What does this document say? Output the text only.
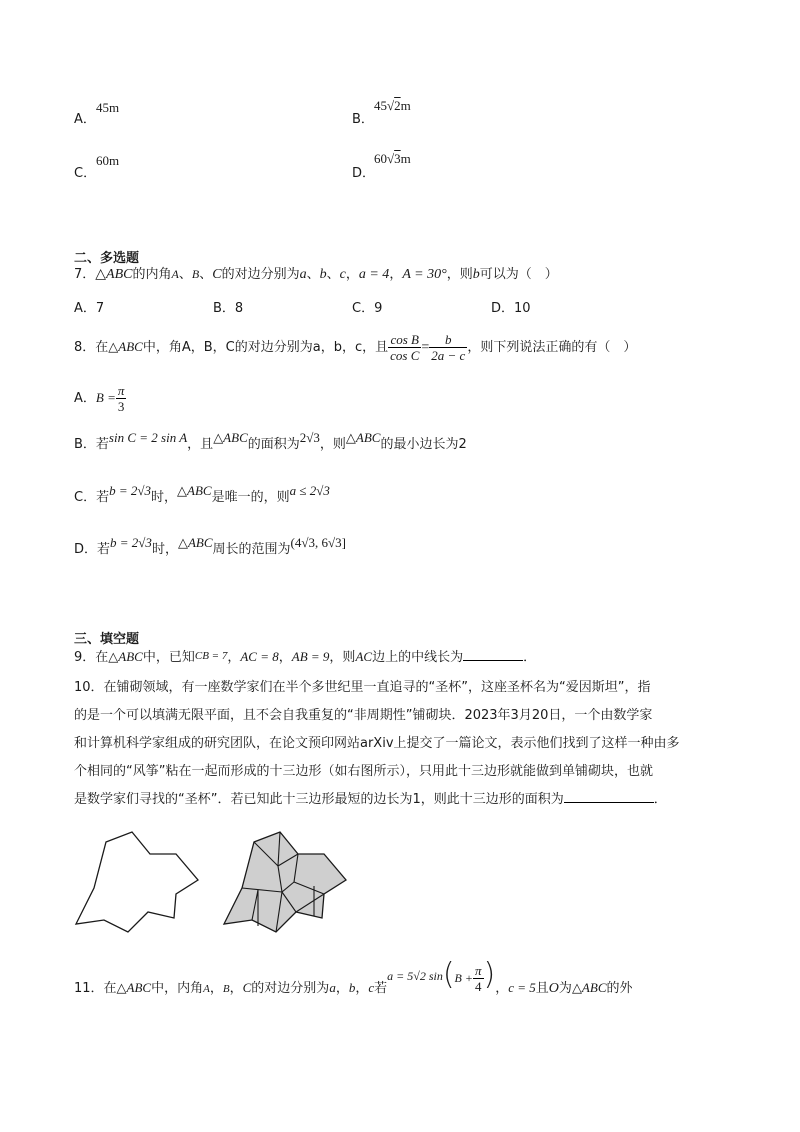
A．
45m
B．
45√2m
C．
60m
D．
60√3m
二、多选题
7．△ABC的内角A、B、C的对边分别为a、b、c，a = 4，A = 30°，则b可以为（　）
A．7	B．8	C．9	D．10
8．在△ABC中，角A，B，C的对边分别为a，b，c，且 $\frac{\text{cos B}}{\text{cos C}} = \frac{b}{2a - c}$ ，则下列说法正确的有（　）
A．$B = \frac{\pi}{3}$
B．若sin C = 2 sin A，且△ABC的面积为2√3，则△ABC的最小边长为2
C．若b = 2√3时，△ABC是唯一的，则a ≤ 2√3
D．若b = 2√3时，△ABC周长的范围为(4√3, 6√3]
三、填空题
9．在△ABC中，已知CB = 7，AC = 8，AB = 9，则AC边上的中线长为	．
10．在铺砌领域，有一座数学家们在半个多世纪里一直追寻的“圣杯”，这座圣杯名为“爱因斯坦”，指
的是一个可以填满无限平面，且不会自我重复的“非周期性”铺砌块．2023年3月20日，一个由数学家
和计算机科学家组成的研究团队，在论文预印网站arXiv上提交了一篇论文，表示他们找到了这样一种由多
个相同的“风筝”粘在一起而形成的十三边形（如右图所示），只用此十三边形就能做到单铺砌块，也就
是数学家们寻找的“圣杯”．若已知此十三边形最短的边长为1，则此十三边形的面积为	．
11．在△ABC中，内角A，B，C的对边分别为a，b，c若a = 5√2 $\sin(B + \frac{\pi}{4}$ )，c = 5且O为△ABC的外
